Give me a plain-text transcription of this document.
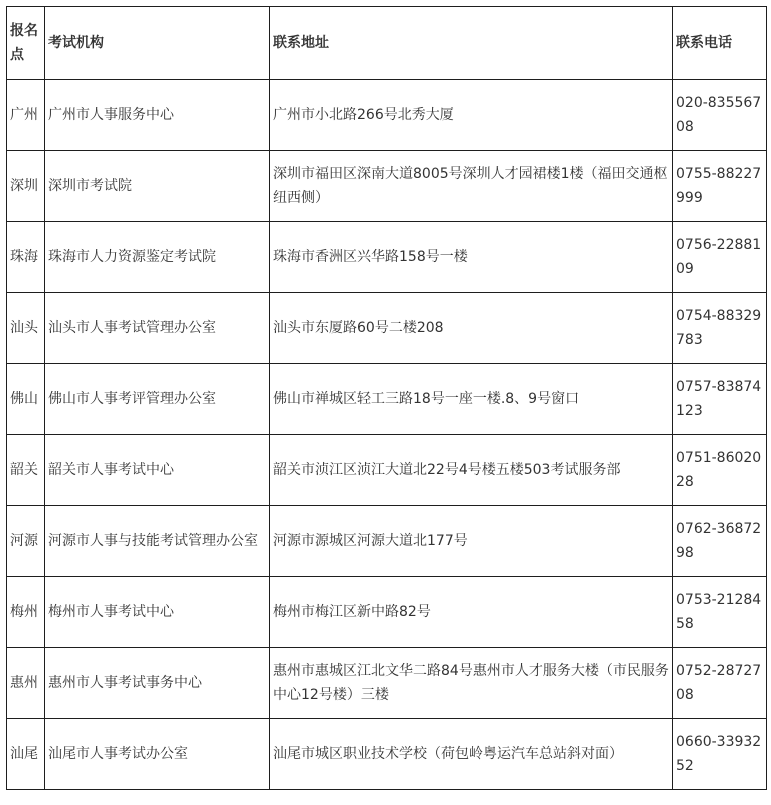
报名点	考试机构	联系地址	联系电话
广州	广州市人事服务中心	广州市小北路266号北秀大厦	020-83556708
深圳	深圳市考试院	深圳市福田区深南大道8005号深圳人才园裙楼1楼（福田交通枢纽西侧）	0755-88227999
珠海	珠海市人力资源鉴定考试院	珠海市香洲区兴华路158号一楼	0756-2288109
汕头	汕头市人事考试管理办公室	汕头市东厦路60号二楼208	0754-88329783
佛山	佛山市人事考评管理办公室	佛山市禅城区轻工三路18号一座一楼.8、9号窗口	0757-83874123
韶关	韶关市人事考试中心	韶关市浈江区浈江大道北22号4号楼五楼503考试服务部	0751-8602028
河源	河源市人事与技能考试管理办公室	河源市源城区河源大道北177号	0762-3687298
梅州	梅州市人事考试中心	梅州市梅江区新中路82号	0753-2128458
惠州	惠州市人事考试事务中心	惠州市惠城区江北文华二路84号惠州市人才服务大楼（市民服务中心12号楼）三楼	0752-2872708
汕尾	汕尾市人事考试办公室	汕尾市城区职业技术学校（荷包岭粤运汽车总站斜对面）	0660-3393252
